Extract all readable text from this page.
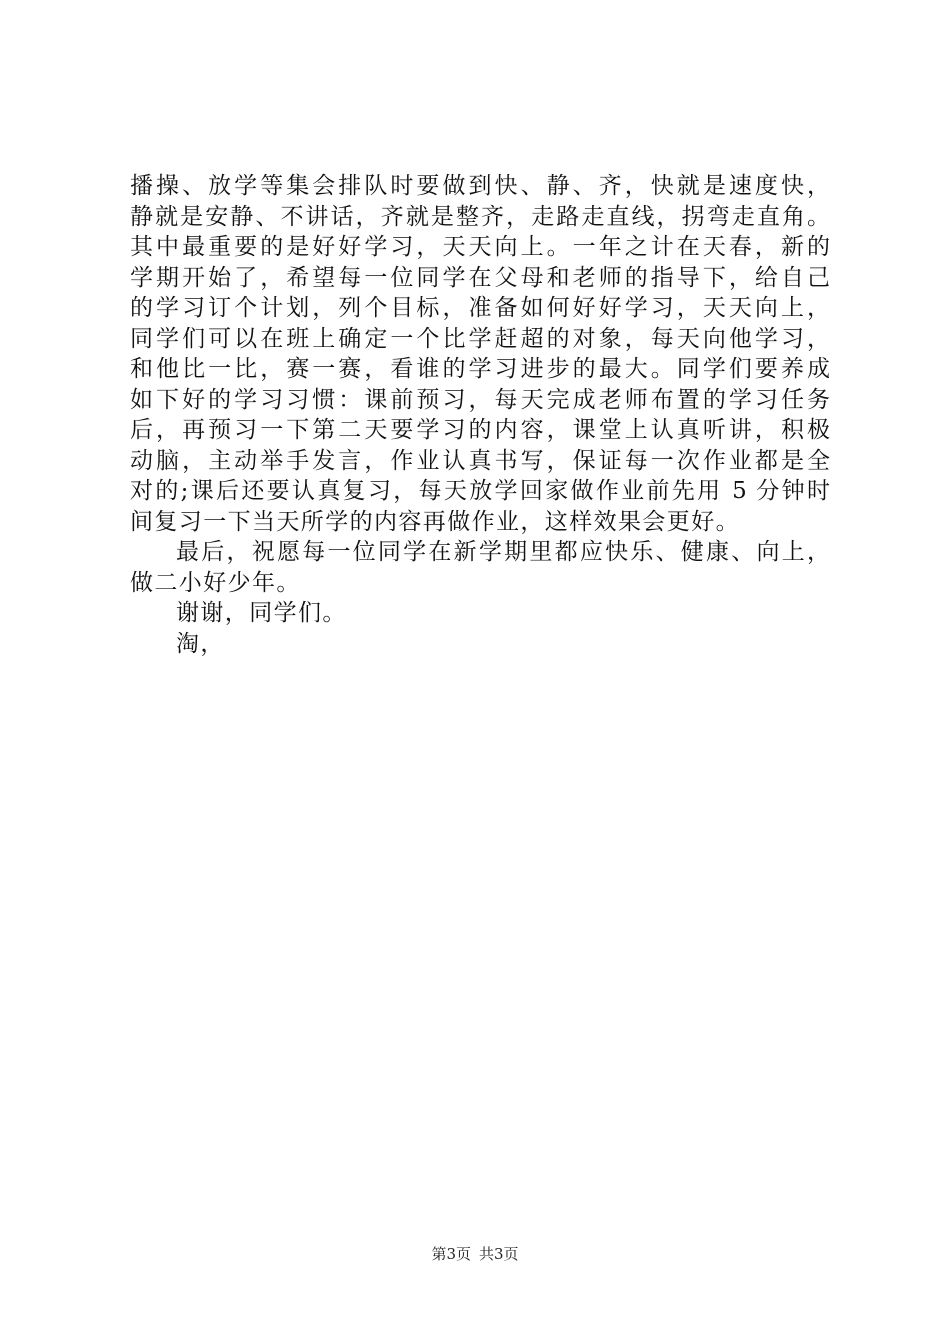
播操、放学等集会排队时要做到快、静、齐，快就是速度快，
静就是安静、不讲话，齐就是整齐，走路走直线，拐弯走直角。
其中最重要的是好好学习，天天向上。一年之计在天春，新的
学期开始了，希望每一位同学在父母和老师的指导下，给自己
的学习订个计划，列个目标，准备如何好好学习，天天向上，
同学们可以在班上确定一个比学赶超的对象，每天向他学习，
和他比一比，赛一赛，看谁的学习进步的最大。同学们要养成
如下好的学习习惯：课前预习，每天完成老师布置的学习任务
后，再预习一下第二天要学习的内容，课堂上认真听讲，积极
动脑，主动举手发言，作业认真书写，保证每一次作业都是全
对的;课后还要认真复习，每天放学回家做作业前先用 5 分钟时
间复习一下当天所学的内容再做作业，这样效果会更好。
最后，祝愿每一位同学在新学期里都应快乐、健康、向上，
做二小好少年。
谢谢，同学们。
淘，
第3页 共3页
